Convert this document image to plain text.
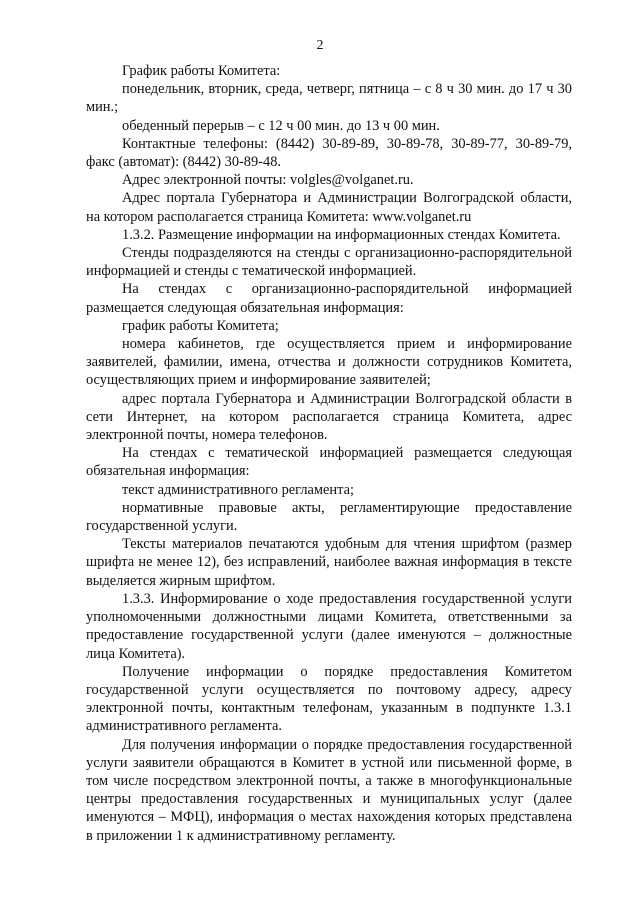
2

График работы Комитета:

понедельник, вторник, среда, четверг, пятница – с 8 ч 30 мин. до 17 ч 30 мин.;

обеденный перерыв – с 12 ч 00 мин. до 13 ч 00 мин.

Контактные телефоны: (8442) 30-89-89, 30-89-78, 30-89-77, 30-89-79, факс (автомат): (8442) 30-89-48.

Адрес электронной почты: volgles@volganet.ru.

Адрес портала Губернатора и Администрации Волгоградской области, на котором располагается страница Комитета: www.volganet.ru

1.3.2. Размещение информации на информационных стендах Комитета.

Стенды подразделяются на стенды с организационно-распорядительной информацией и стенды с тематической информацией.

На стендах с организационно-распорядительной информацией размещается следующая обязательная информация:

график работы Комитета;

номера кабинетов, где осуществляется прием и информирование заявителей, фамилии, имена, отчества и должности сотрудников Комитета, осуществляющих прием и информирование заявителей;

адрес портала Губернатора и Администрации Волгоградской области в сети Интернет, на котором располагается страница Комитета, адрес электронной почты, номера телефонов.

На стендах с тематической информацией размещается следующая обязательная информация:

текст административного регламента;

нормативные правовые акты, регламентирующие предоставление государственной услуги.

Тексты материалов печатаются удобным для чтения шрифтом (размер шрифта не менее 12), без исправлений, наиболее важная информация в тексте выделяется жирным шрифтом.

1.3.3. Информирование о ходе предоставления государственной услуги уполномоченными должностными лицами Комитета, ответственными за предоставление государственной услуги (далее именуются – должностные лица Комитета).

Получение информации о порядке предоставления Комитетом государственной услуги осуществляется по почтовому адресу, адресу электронной почты, контактным телефонам, указанным в подпункте 1.3.1 административного регламента.

Для получения информации о порядке предоставления государственной услуги заявители обращаются в Комитет в устной или письменной форме, в том числе посредством электронной почты, а также в многофункциональные центры предоставления государственных и муниципальных услуг (далее именуются – МФЦ), информация о местах нахождения которых представлена в приложении 1 к административному регламенту.
